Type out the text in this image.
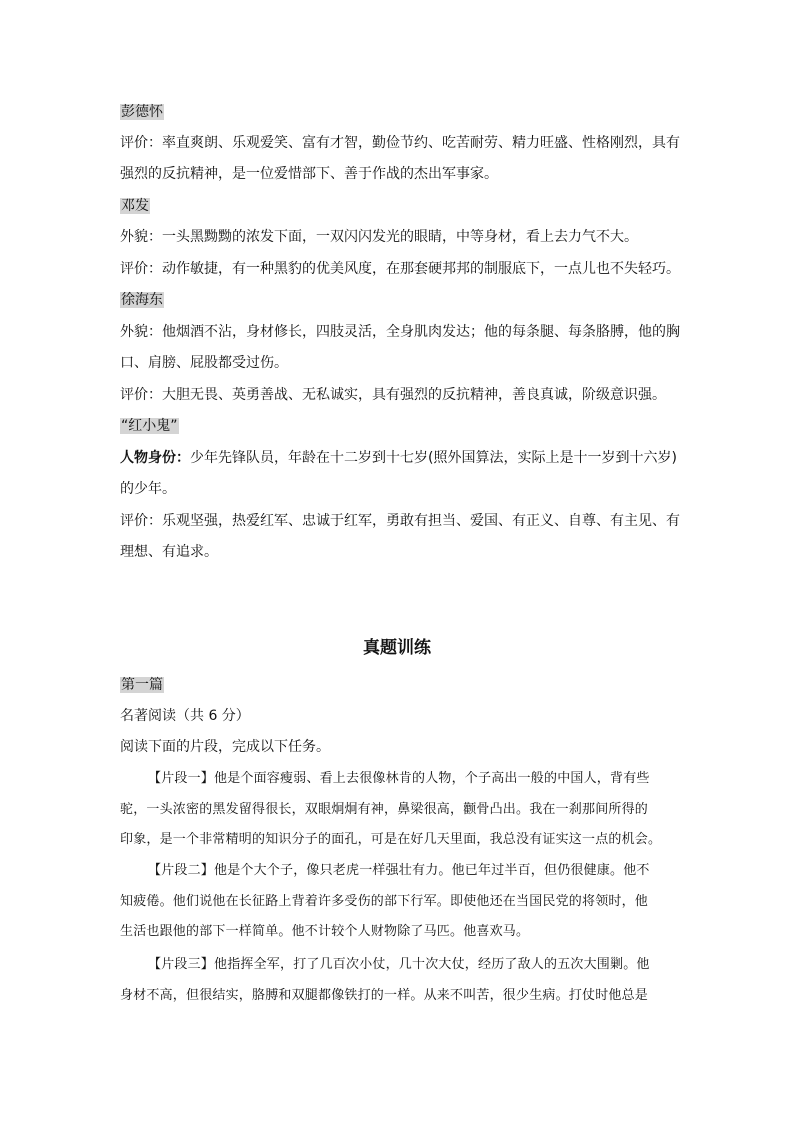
彭德怀
评价：率直爽朗、乐观爱笑、富有才智，勤俭节约、吃苦耐劳、精力旺盛、性格刚烈，具有
强烈的反抗精神，是一位爱惜部下、善于作战的杰出军事家。
邓发
外貌：一头黑黝黝的浓发下面，一双闪闪发光的眼睛，中等身材，看上去力气不大。
评价：动作敏捷，有一种黑豹的优美风度，在那套硬邦邦的制服底下，一点儿也不失轻巧。
徐海东
外貌：他烟酒不沾，身材修长，四肢灵活，全身肌肉发达；他的每条腿、每条胳膊，他的胸
口、肩膀、屁股都受过伤。
评价：大胆无畏、英勇善战、无私诚实，具有强烈的反抗精神，善良真诚，阶级意识强。
“红小鬼”
人物身份：少年先锋队员，年龄在十二岁到十七岁(照外国算法，实际上是十一岁到十六岁)
的少年。
评价：乐观坚强，热爱红军、忠诚于红军，勇敢有担当、爱国、有正义、自尊、有主见、有
理想、有追求。
真题训练
第一篇
名著阅读（共 6 分）
阅读下面的片段，完成以下任务。
【片段一】他是个面容瘦弱、看上去很像林肯的人物，个子高出一般的中国人，背有些
驼，一头浓密的黑发留得很长，双眼炯炯有神，鼻梁很高，颧骨凸出。我在一刹那间所得的
印象，是一个非常精明的知识分子的面孔，可是在好几天里面，我总没有证实这一点的机会。
【片段二】他是个大个子，像只老虎一样强壮有力。他已年过半百，但仍很健康。他不
知疲倦。他们说他在长征路上背着许多受伤的部下行军。即使他还在当国民党的将领时，他
生活也跟他的部下一样简单。他不计较个人财物除了马匹。他喜欢马。
【片段三】他指挥全军，打了几百次小仗，几十次大仗，经历了敌人的五次大围剿。他
身材不高，但很结实，胳膊和双腿都像铁打的一样。从来不叫苦，很少生病。打仗时他总是
